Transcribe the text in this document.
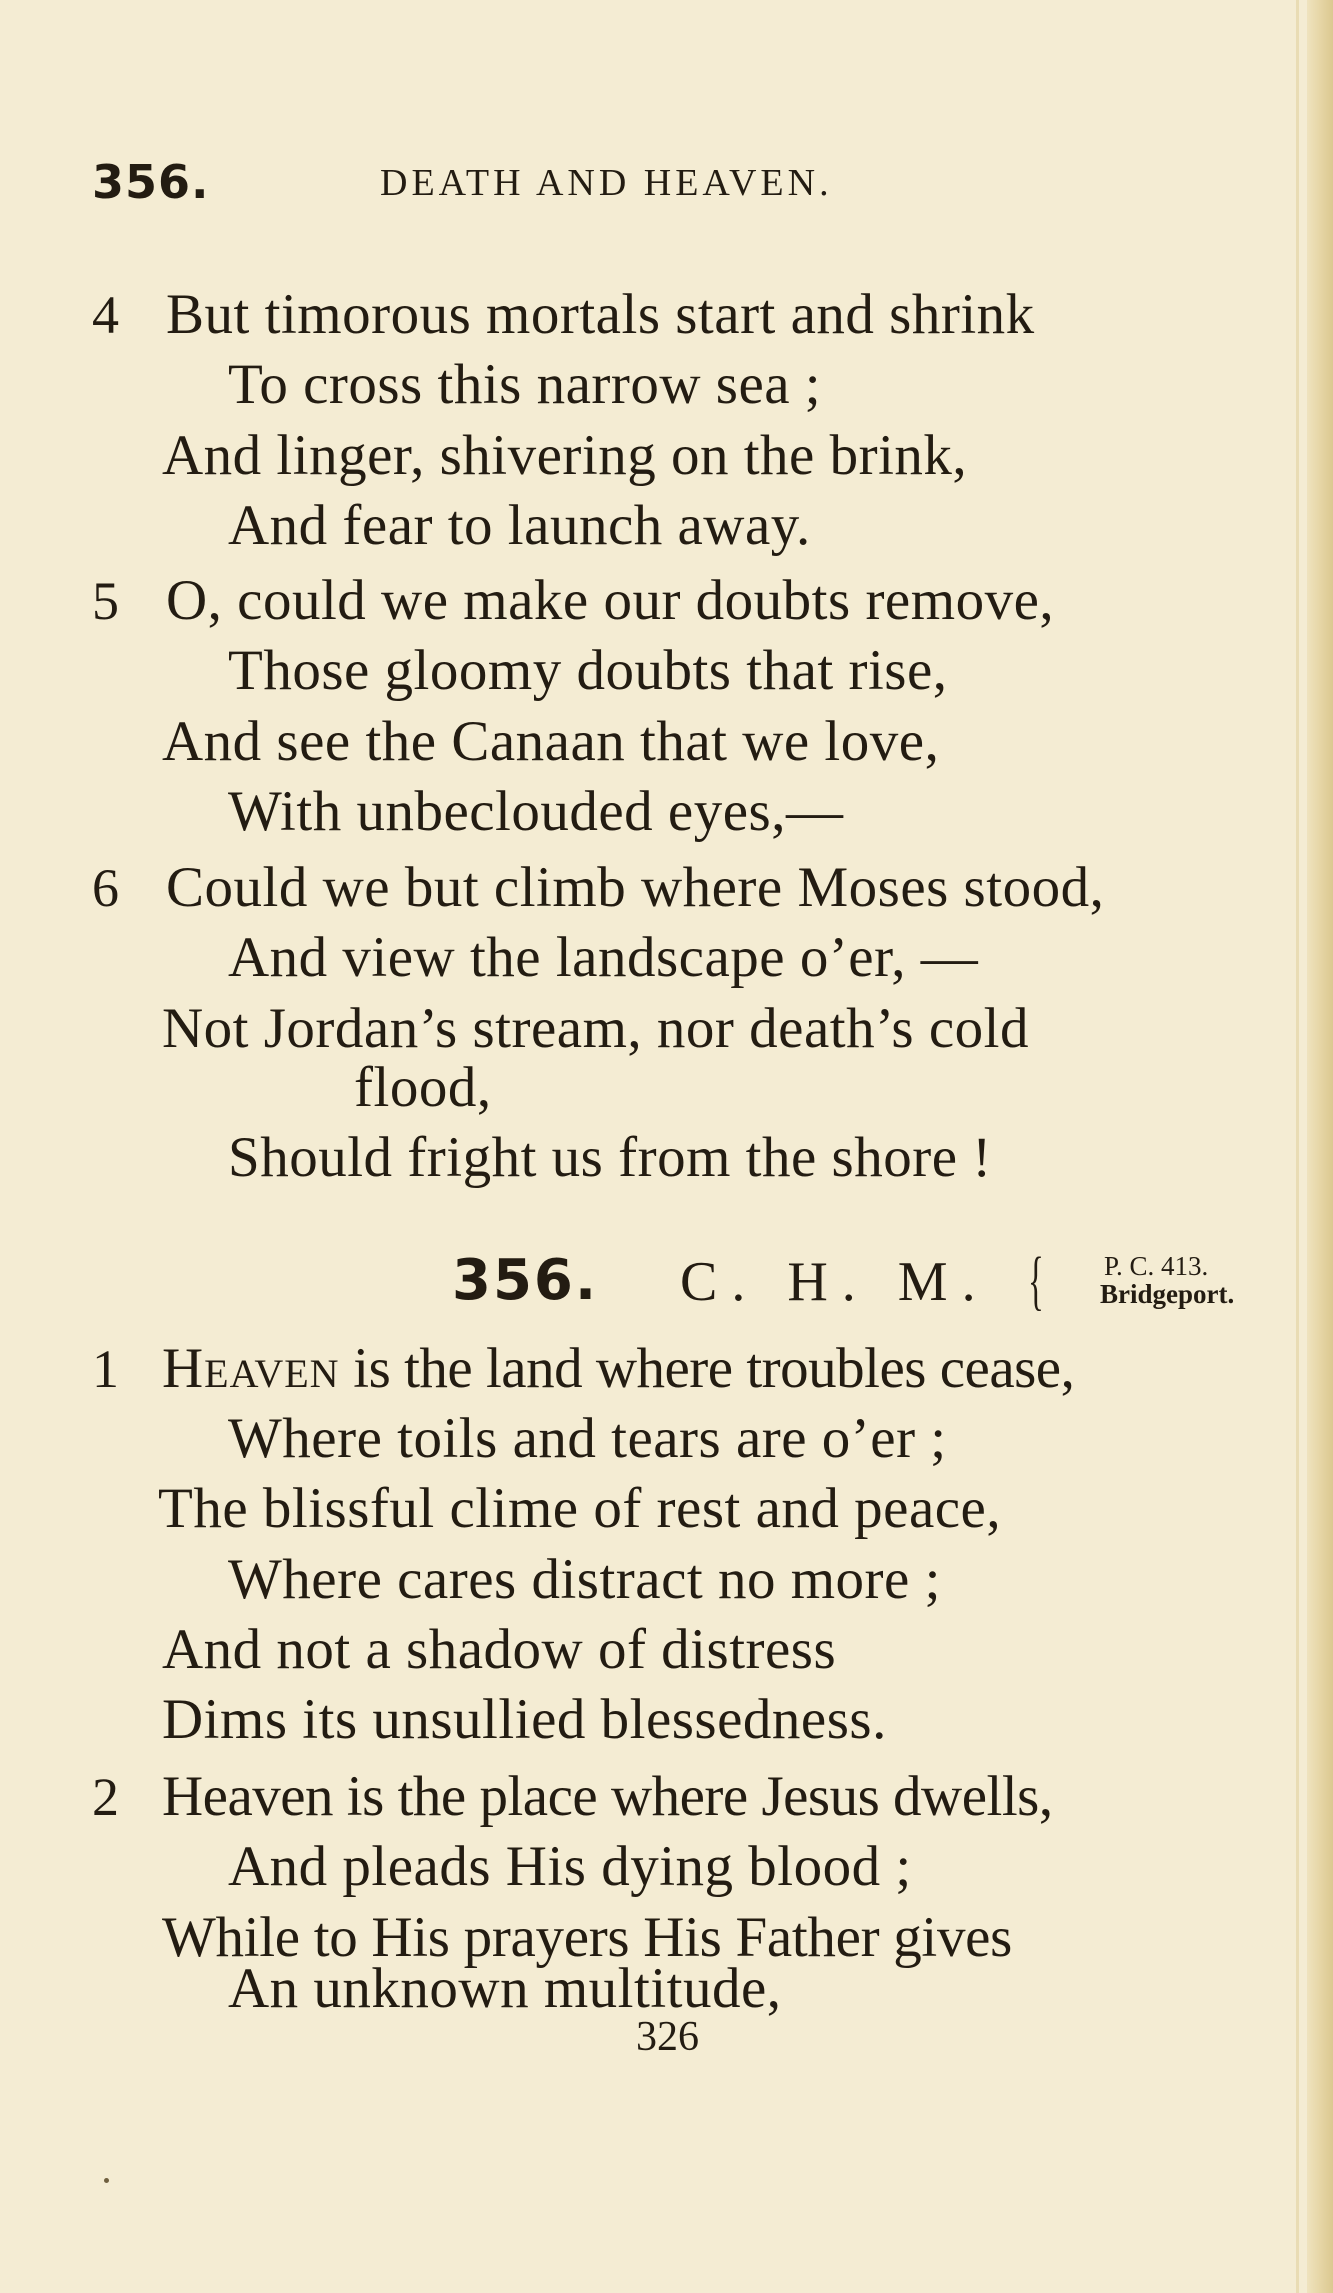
356.	DEATH AND HEAVEN.
4 But timorous mortals start and shrink
To cross this narrow sea ;
And linger, shivering on the brink,
And fear to launch away.
5 O, could we make our doubts remove,
Those gloomy doubts that rise,
And see the Canaan that we love,
With unbeclouded eyes,—
6 Could we but climb where Moses stood,
And view the landscape o’er, —
Not Jordan’s stream, nor death’s cold
flood,
Should fright us from the shore !
356. C. H. M. { P. C. 413.
Bridgeport.
1 Heaven is the land where troubles cease,
Where toils and tears are o’er ;
The blissful clime of rest and peace,
Where cares distract no more ;
And not a shadow of distress
Dims its unsullied blessedness.
2 Heaven is the place where Jesus dwells,
And pleads His dying blood ;
While to His prayers His Father gives
An unknown multitude,
326
